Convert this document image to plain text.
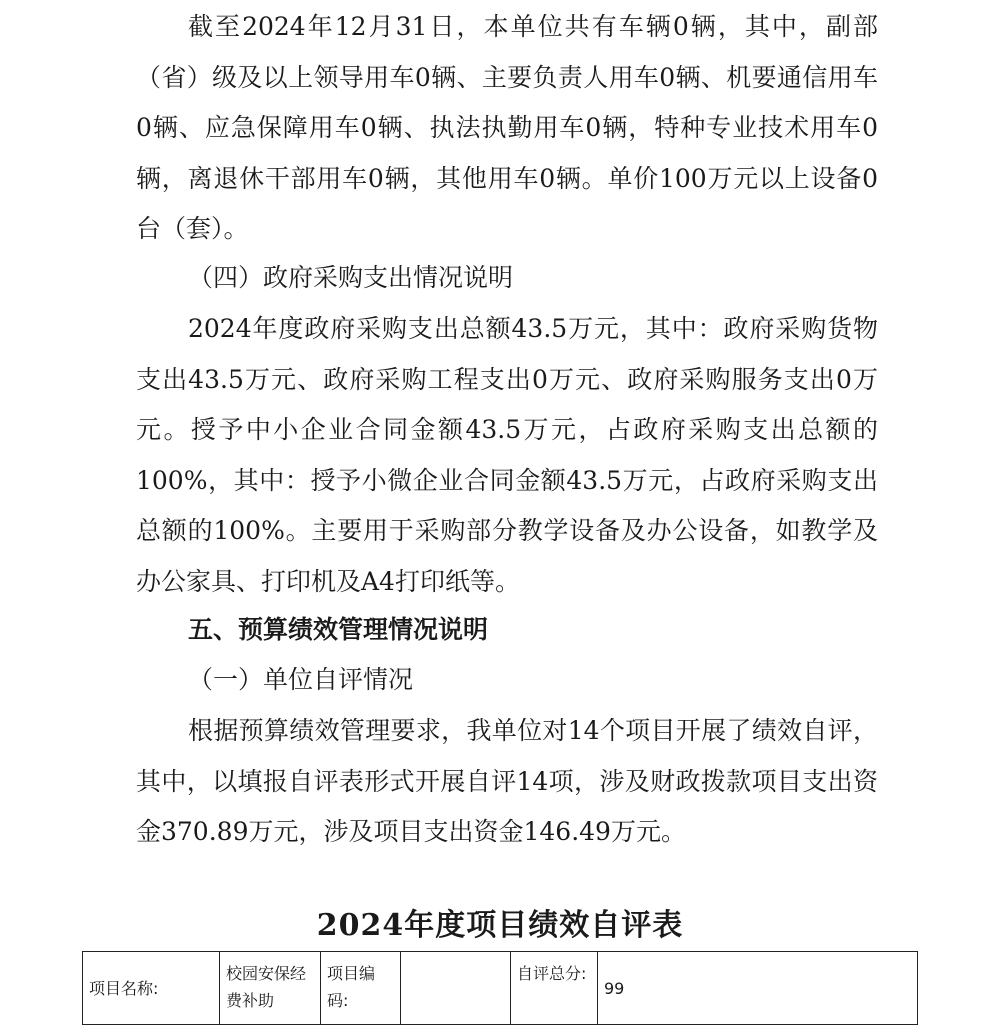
截至2024年12月31日，本单位共有车辆0辆，其中，副部（省）级及以上领导用车0辆、主要负责人用车0辆、机要通信用车0辆、应急保障用车0辆、执法执勤用车0辆，特种专业技术用车0辆，离退休干部用车0辆，其他用车0辆。单价100万元以上设备0台（套）。

（四）政府采购支出情况说明

2024年度政府采购支出总额43.5万元，其中：政府采购货物支出43.5万元、政府采购工程支出0万元、政府采购服务支出0万元。授予中小企业合同金额43.5万元，占政府采购支出总额的100%，其中：授予小微企业合同金额43.5万元，占政府采购支出总额的100%。主要用于采购部分教学设备及办公设备，如教学及办公家具、打印机及A4打印纸等。

五、预算绩效管理情况说明

（一）单位自评情况

根据预算绩效管理要求，我单位对14个项目开展了绩效自评，其中，以填报自评表形式开展自评14项，涉及财政拨款项目支出资金370.89万元，涉及项目支出资金146.49万元。

2024年度项目绩效自评表

项目名称:	校园安保经费补助	项目编码:		自评总分:	99
